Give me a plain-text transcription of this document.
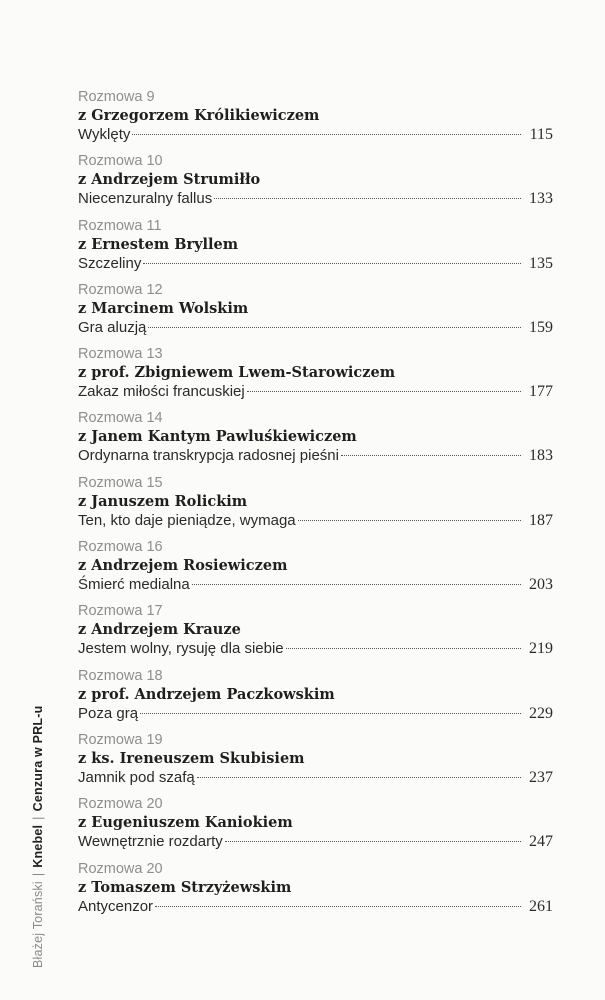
Rozmowa 9
z Grzegorzem Królikiewiczem
Wyklęty	115
Rozmowa 10
z Andrzejem Strumiłło
Niecenzuralny fallus	133
Rozmowa 11
z Ernestem Bryllem
Szczeliny	135
Rozmowa 12
z Marcinem Wolskim
Gra aluzją	159
Rozmowa 13
z prof. Zbigniewem Lwem-Starowiczem
Zakaz miłości francuskiej	177
Rozmowa 14
z Janem Kantym Pawluśkiewiczem
Ordynarna transkrypcja radosnej pieśni	183
Rozmowa 15
z Januszem Rolickim
Ten, kto daje pieniądze, wymaga	187
Rozmowa 16
z Andrzejem Rosiewiczem
Śmierć medialna	203
Rozmowa 17
z Andrzejem Krauze
Jestem wolny, rysuję dla siebie	219
Rozmowa 18
z prof. Andrzejem Paczkowskim
Poza grą	229
Rozmowa 19
z ks. Ireneuszem Skubisiem
Jamnik pod szafą	237
Rozmowa 20
z Eugeniuszem Kaniokiem
Wewnętrznie rozdarty	247
Rozmowa 20
z Tomaszem Strzyżewskim
Antycenzor	261
Błażej Torański|Knebel|Cenzura w PRL-u
